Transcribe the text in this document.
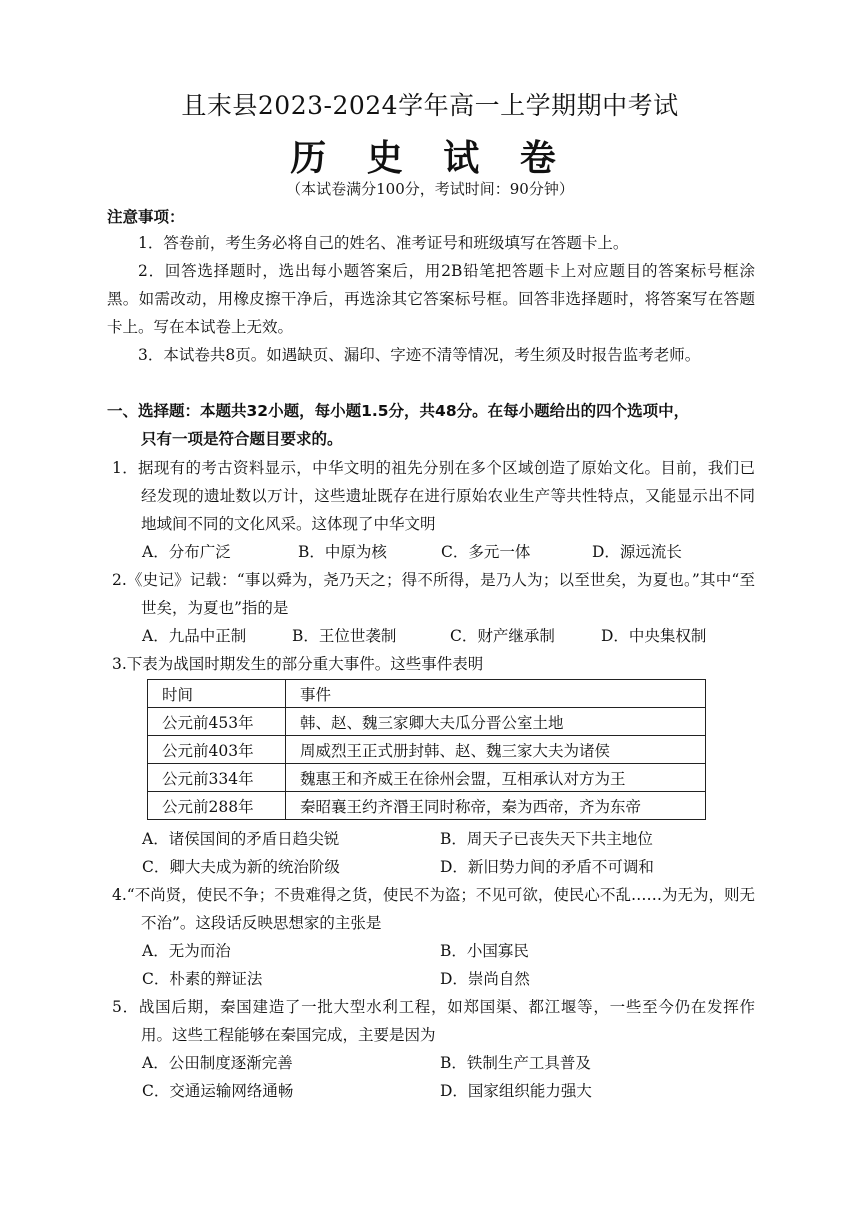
且末县2023-2024学年高一上学期期中考试
历 史 试 卷
（本试卷满分100分，考试时间：90分钟）
注意事项：
1．答卷前，考生务必将自己的姓名、准考证号和班级填写在答题卡上。
2．回答选择题时，选出每小题答案后，用2B铅笔把答题卡上对应题目的答案标号框涂黑。如需改动，用橡皮擦干净后，再选涂其它答案标号框。回答非选择题时，将答案写在答题卡上。写在本试卷上无效。
3．本试卷共8页。如遇缺页、漏印、字迹不清等情况，考生须及时报告监考老师。
一、选择题：本题共32小题，每小题1.5分，共48分。在每小题给出的四个选项中，
只有一项是符合题目要求的。
1．据现有的考古资料显示，中华文明的祖先分别在多个区域创造了原始文化。目前，我们已经发现的遗址数以万计，这些遗址既存在进行原始农业生产等共性特点，又能显示出不同地域间不同的文化风采。这体现了中华文明
A．分布广泛	B．中原为核	C．多元一体	D．源远流长
2.《史记》记载：“事以舜为，尧乃天之；得不所得，是乃人为；以至世矣，为夏也。”其中“至世矣，为夏也”指的是
A．九品中正制	B．王位世袭制	C．财产继承制	D．中央集权制
3.下表为战国时期发生的部分重大事件。这些事件表明
时间	事件
公元前453年	韩、赵、魏三家卿大夫瓜分晋公室土地
公元前403年	周威烈王正式册封韩、赵、魏三家大夫为诸侯
公元前334年	魏惠王和齐威王在徐州会盟，互相承认对方为王
公元前288年	秦昭襄王约齐湣王同时称帝，秦为西帝，齐为东帝
A．诸侯国间的矛盾日趋尖锐	B．周天子已丧失天下共主地位
C．卿大夫成为新的统治阶级	D．新旧势力间的矛盾不可调和
4.“不尚贤，使民不争；不贵难得之货，使民不为盗；不见可欲，使民心不乱……为无为，则无不治”。这段话反映思想家的主张是
A．无为而治	B．小国寡民
C．朴素的辩证法	D．崇尚自然
5．战国后期，秦国建造了一批大型水利工程，如郑国渠、都江堰等，一些至今仍在发挥作用。这些工程能够在秦国完成，主要是因为
A．公田制度逐渐完善	B．铁制生产工具普及
C．交通运输网络通畅	D．国家组织能力强大
